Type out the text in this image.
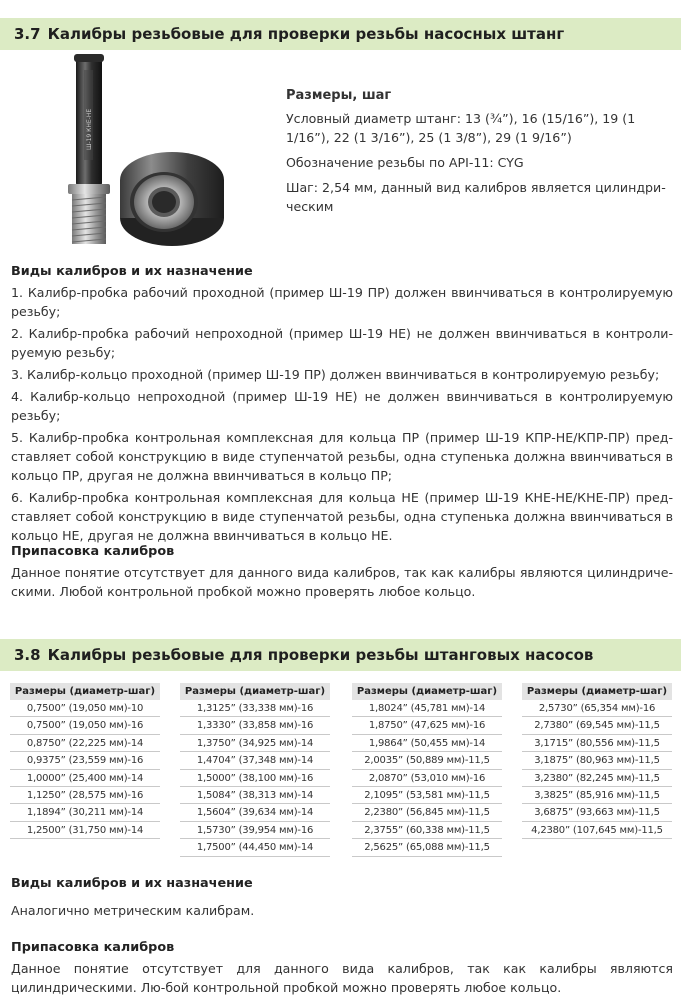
3.7 Калибры резьбовые для проверки резьбы насосных штанг
Ш-19 КНЕ-НЕ

Размеры, шаг

Условный диаметр штанг: 13 (¾”), 16 (15/16”), 19 (1 1/16”), 22 (1 3/16”), 25 (1 3/8”), 29 (1 9/16”)

Обозначение резьбы по API-11: CYG

Шаг: 2,54 мм, данный вид калибров является цилиндри-ческим

Виды калибров и их назначение

1. Калибр-пробка рабочий проходной (пример Ш-19 ПР) должен ввинчиваться в контролируемую резьбу;

2. Калибр-пробка рабочий непроходной (пример Ш-19 НЕ) не должен ввинчиваться в контроли-руемую резьбу;

3. Калибр-кольцо проходной (пример Ш-19 ПР) должен ввинчиваться в контролируемую резьбу;

4. Калибр-кольцо непроходной (пример Ш-19 НЕ) не должен ввинчиваться в контролируемую резьбу;

5. Калибр-пробка контрольная комплексная для кольца ПР (пример Ш-19 КПР-НЕ/КПР-ПР) пред-ставляет собой конструкцию в виде ступенчатой резьбы, одна ступенька должна ввинчиваться в кольцо ПР, другая не должна ввинчиваться в кольцо ПР;

6. Калибр-пробка контрольная комплексная для кольца НЕ (пример Ш-19 КНЕ-НЕ/КНЕ-ПР) пред-ставляет собой конструкцию в виде ступенчатой резьбы, одна ступенька должна ввинчиваться в кольцо НЕ, другая не должна ввинчиваться в кольцо НЕ.

Припасовка калибров

Данное понятие отсутствует для данного вида калибров, так как калибры являются цилиндриче-скими. Любой контрольной пробкой можно проверять любое кольцо.

3.8 Калибры резьбовые для проверки резьбы штанговых насосов
Размеры (диаметр-шаг)
0,7500” (19,050 мм)-10
0,7500” (19,050 мм)-16
0,8750” (22,225 мм)-14
0,9375” (23,559 мм)-16
1,0000” (25,400 мм)-14
1,1250” (28,575 мм)-16
1,1894” (30,211 мм)-14
1,2500” (31,750 мм)-14
Размеры (диаметр-шаг)
1,3125” (33,338 мм)-16
1,3330” (33,858 мм)-16
1,3750” (34,925 мм)-14
1,4704” (37,348 мм)-14
1,5000” (38,100 мм)-16
1,5084” (38,313 мм)-14
1,5604” (39,634 мм)-14
1,5730” (39,954 мм)-16
1,7500” (44,450 мм)-14
Размеры (диаметр-шаг)
1,8024” (45,781 мм)-14
1,8750” (47,625 мм)-16
1,9864” (50,455 мм)-14
2,0035” (50,889 мм)-11,5
2,0870” (53,010 мм)-16
2,1095” (53,581 мм)-11,5
2,2380” (56,845 мм)-11,5
2,3755” (60,338 мм)-11,5
2,5625” (65,088 мм)-11,5
Размеры (диаметр-шаг)
2,5730” (65,354 мм)-16
2,7380” (69,545 мм)-11,5
3,1715” (80,556 мм)-11,5
3,1875” (80,963 мм)-11,5
3,2380” (82,245 мм)-11,5
3,3825” (85,916 мм)-11,5
3,6875” (93,663 мм)-11,5
4,2380” (107,645 мм)-11,5

Виды калибров и их назначение

Аналогично метрическим калибрам.

Припасовка калибров

Данное понятие отсутствует для данного вида калибров, так как калибры являются цилиндрическими. Лю-бой контрольной пробкой можно проверять любое кольцо.
